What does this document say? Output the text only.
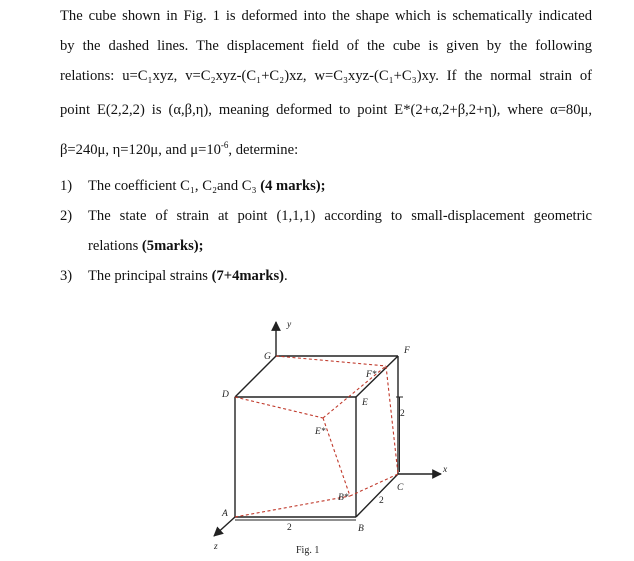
The cube shown in Fig. 1 is deformed into the shape which is schematically indicated
by the dashed lines. The displacement field of the cube is given by the following
relations: u=C₁xyz, v=C₂xyz-(C₁+C₂)xz, w=C₃xyz-(C₁+C₃)xy. If the normal strain of
point E(2,2,2) is (α,β,η), meaning deformed to point E*(2+α,2+β,2+η), where α=80μ,
β=240μ, η=120μ, and $\mu=10^{-6}$, determine:
1) The coefficient C₁, C₂and C₃ (4 marks);
2) The state of strain at point (1,1,1) according to small-displacement geometric
relations (5marks);
3) The principal strains (7+4marks).
y
G
F
F*
D
E
2
E*
x
C
B*	2
A
2	B
z	Fig. 1
